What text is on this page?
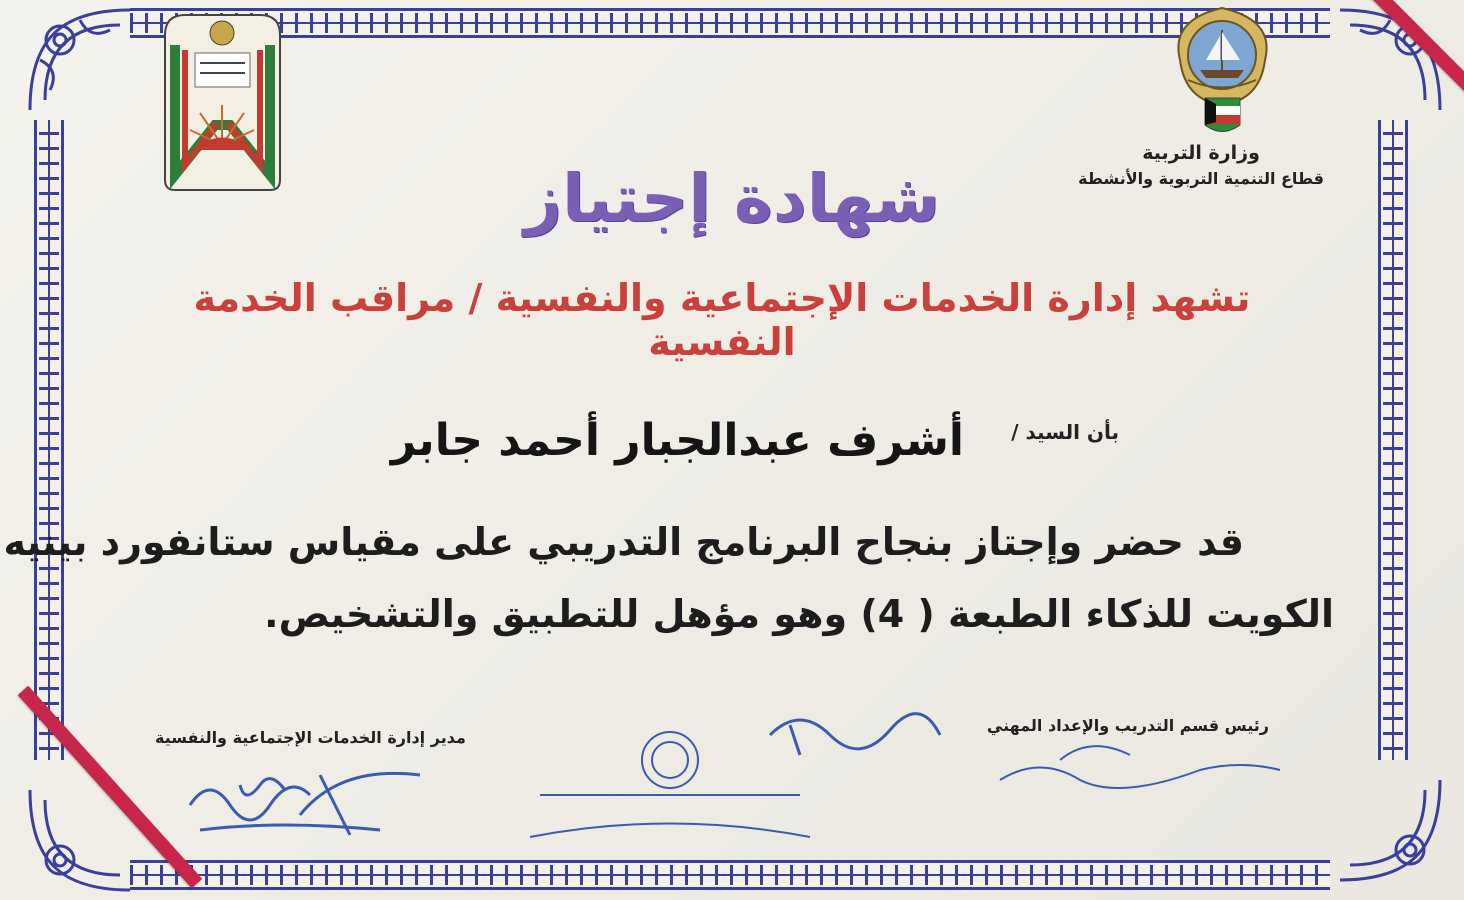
وزارة التربية
قطاع التنمية التربوية والأنشطة
شهادة إجتياز
تشهد إدارة الخدمات الإجتماعية والنفسية / مراقب الخدمة النفسية
بأن السيد /
أشرف عبدالجبار أحمد جابر
قد حضر وإجتاز بنجاح البرنامج التدريبي على مقياس ستانفورد بينيه
الكويت للذكاء الطبعة ( 4) وهو مؤهل للتطبيق والتشخيص.
مدير إدارة الخدمات الإجتماعية والنفسية
رئيس قسم التدريب والإعداد المهني
